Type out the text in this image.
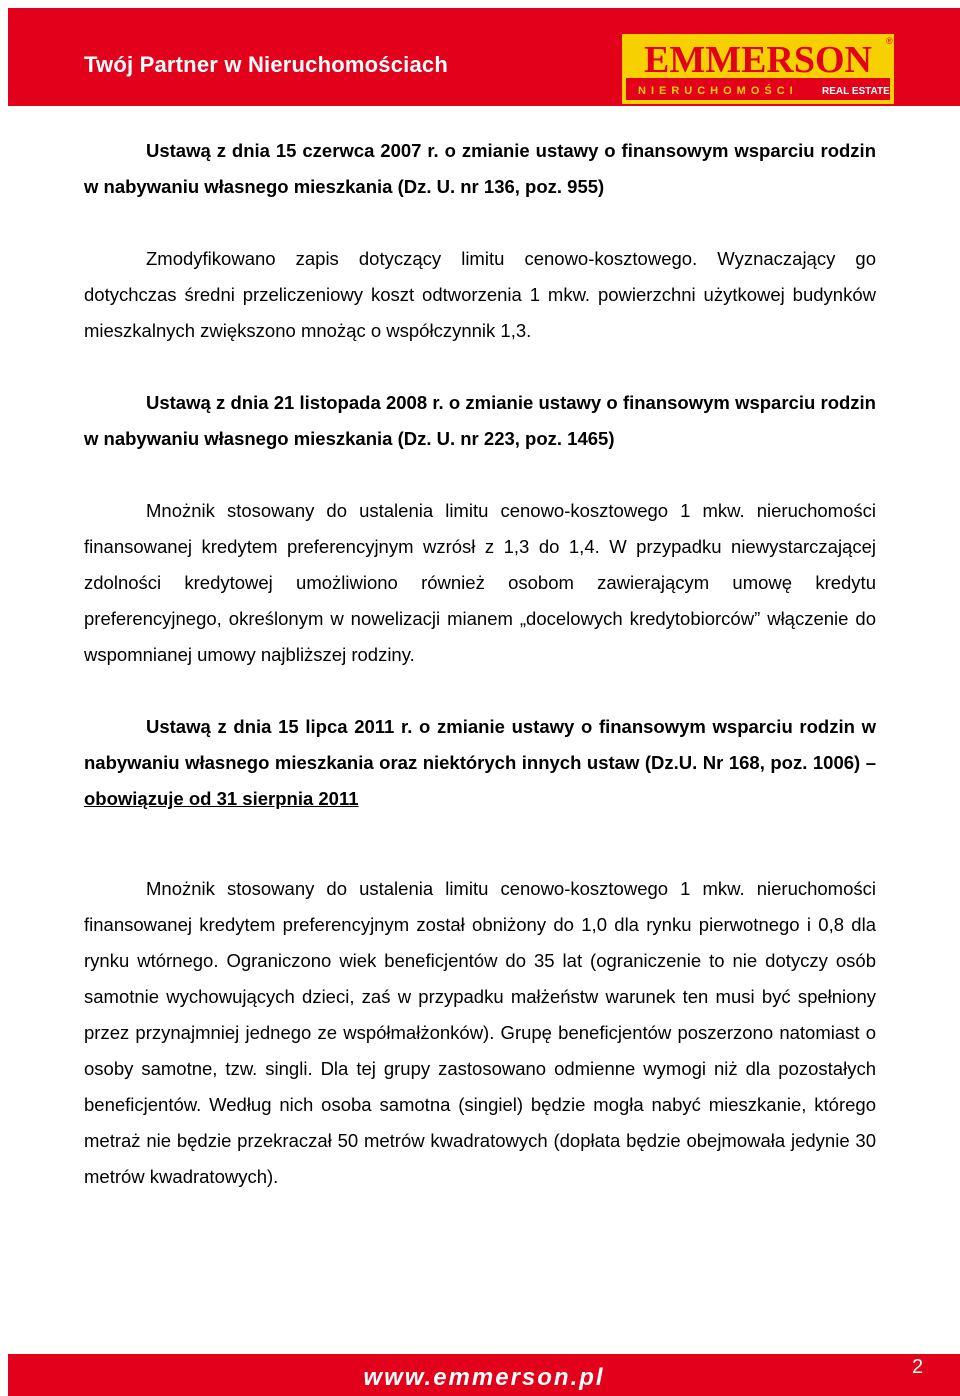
Twój Partner w Nieruchomościach	EMMERSON
NIERUCHOMOŚCI REAL ESTATE
®

Ustawą z dnia 15 czerwca 2007 r. o zmianie ustawy o finansowym wsparciu rodzin w nabywaniu własnego mieszkania (Dz. U. nr 136, poz. 955)

Zmodyfikowano zapis dotyczący limitu cenowo-kosztowego. Wyznaczający go dotychczas średni przeliczeniowy koszt odtworzenia 1 mkw. powierzchni użytkowej budynków mieszkalnych zwiększono mnożąc o współczynnik 1,3.

Ustawą z dnia 21 listopada 2008 r. o zmianie ustawy o finansowym wsparciu rodzin w nabywaniu własnego mieszkania (Dz. U. nr 223, poz. 1465)

Mnożnik stosowany do ustalenia limitu cenowo-kosztowego 1 mkw. nieruchomości finansowanej kredytem preferencyjnym wzrósł z 1,3 do 1,4. W przypadku niewystarczającej zdolności kredytowej umożliwiono również osobom zawierającym umowę kredytu preferencyjnego, określonym w nowelizacji mianem „docelowych kredytobiorców” włączenie do wspomnianej umowy najbliższej rodziny.

Ustawą z dnia 15 lipca 2011 r. o zmianie ustawy o finansowym wsparciu rodzin w nabywaniu własnego mieszkania oraz niektórych innych ustaw (Dz.U. Nr 168, poz. 1006) – obowiązuje od 31 sierpnia 2011

Mnożnik stosowany do ustalenia limitu cenowo-kosztowego 1 mkw. nieruchomości finansowanej kredytem preferencyjnym został obniżony do 1,0 dla rynku pierwotnego i 0,8 dla rynku wtórnego. Ograniczono wiek beneficjentów do 35 lat (ograniczenie to nie dotyczy osób samotnie wychowujących dzieci, zaś w przypadku małżeństw warunek ten musi być spełniony przez przynajmniej jednego ze współmałżonków). Grupę beneficjentów poszerzono natomiast o osoby samotne, tzw. singli. Dla tej grupy zastosowano odmienne wymogi niż dla pozostałych beneficjentów. Według nich osoba samotna (singiel) będzie mogła nabyć mieszkanie, którego metraż nie będzie przekraczał 50 metrów kwadratowych (dopłata będzie obejmowała jedynie 30 metrów kwadratowych).

www.emmerson.pl	2
